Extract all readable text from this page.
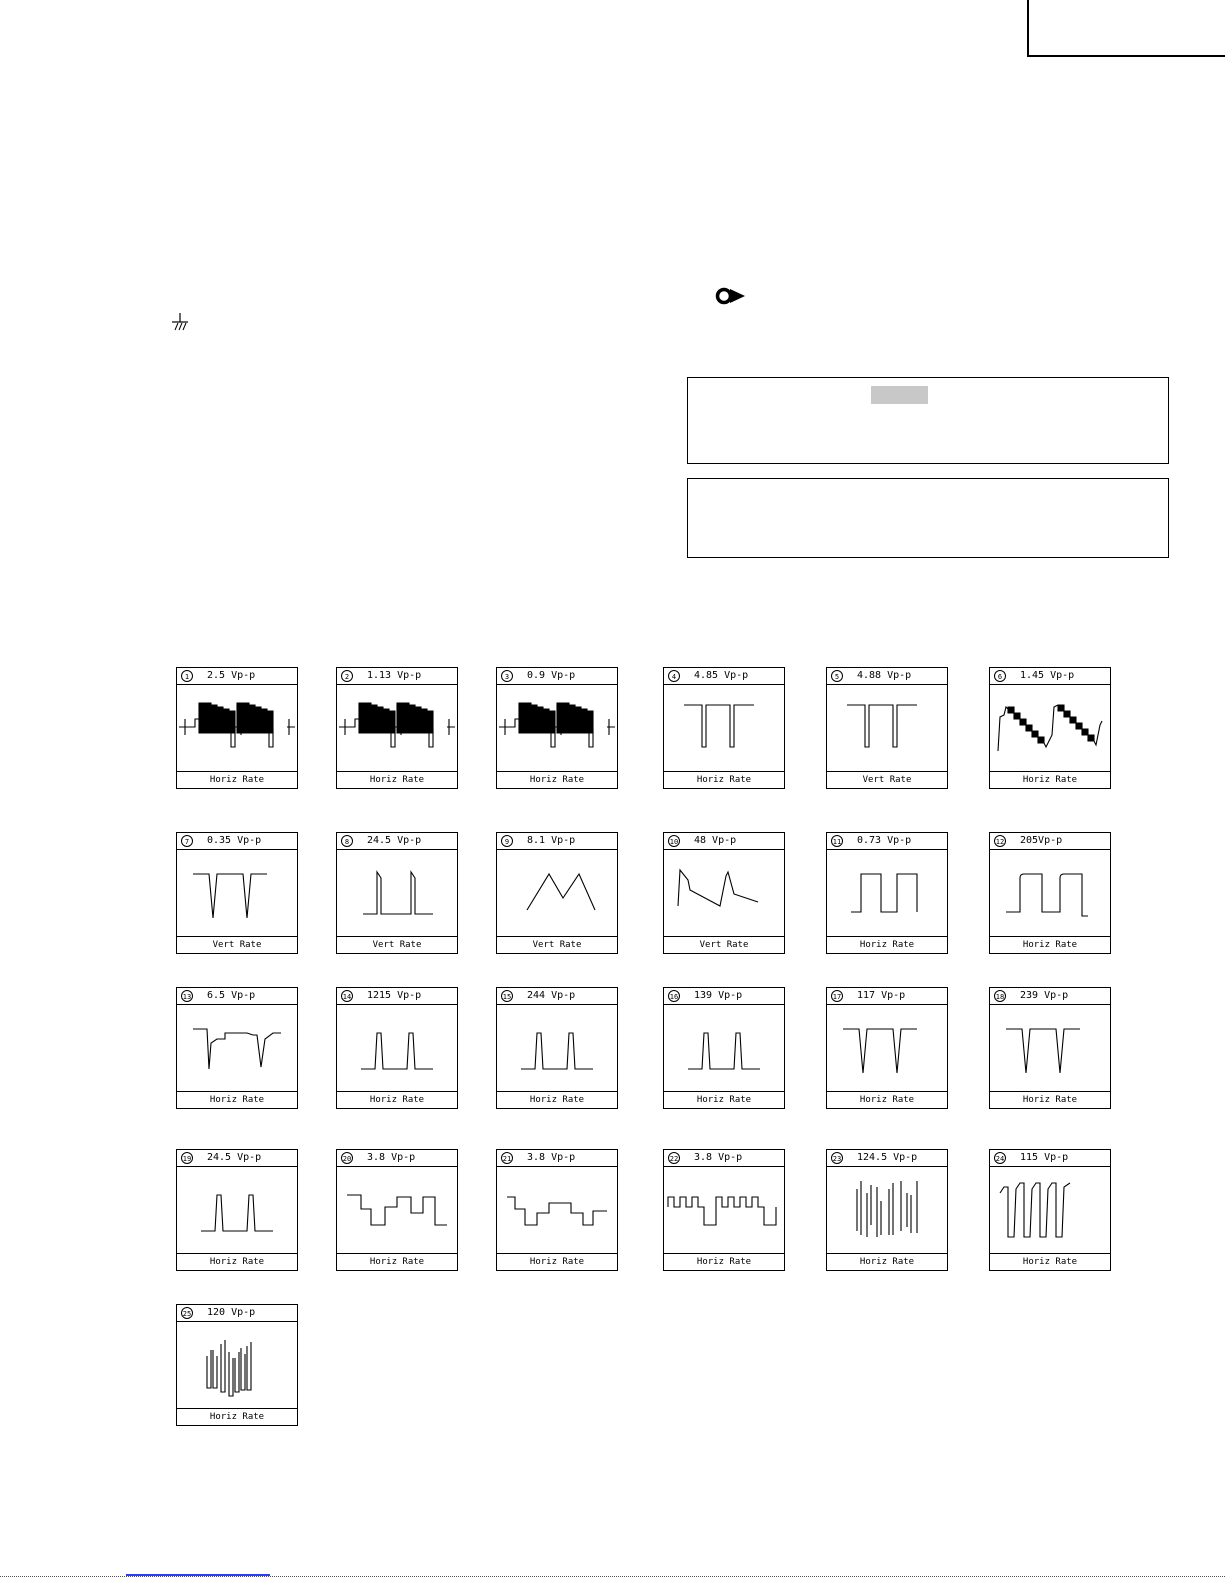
1	2.5 Vp-p
Horiz Rate
2	1.13 Vp-p
Horiz Rate
3	0.9 Vp-p
Horiz Rate
4	4.85 Vp-p
Horiz Rate
5	4.88 Vp-p
Vert Rate
6	1.45 Vp-p
Horiz Rate
7	0.35 Vp-p
Vert Rate
8	24.5 Vp-p
Vert Rate
9	8.1 Vp-p
Vert Rate
10 48 Vp-p
Vert Rate
11 0.73 Vp-p
Horiz Rate
12 205Vp-p
Horiz Rate
13 6.5 Vp-p
Horiz Rate
14 1215 Vp-p
Horiz Rate
15 244 Vp-p
Horiz Rate
16 139 Vp-p
Horiz Rate
17 117 Vp-p
Horiz Rate
18 239 Vp-p
Horiz Rate
19 24.5 Vp-p
Horiz Rate
20 3.8 Vp-p
Horiz Rate
21 3.8 Vp-p
Horiz Rate
22 3.8 Vp-p
Horiz Rate
23 124.5 Vp-p
Horiz Rate
24 115 Vp-p
Horiz Rate
25 120 Vp-p
Horiz Rate
